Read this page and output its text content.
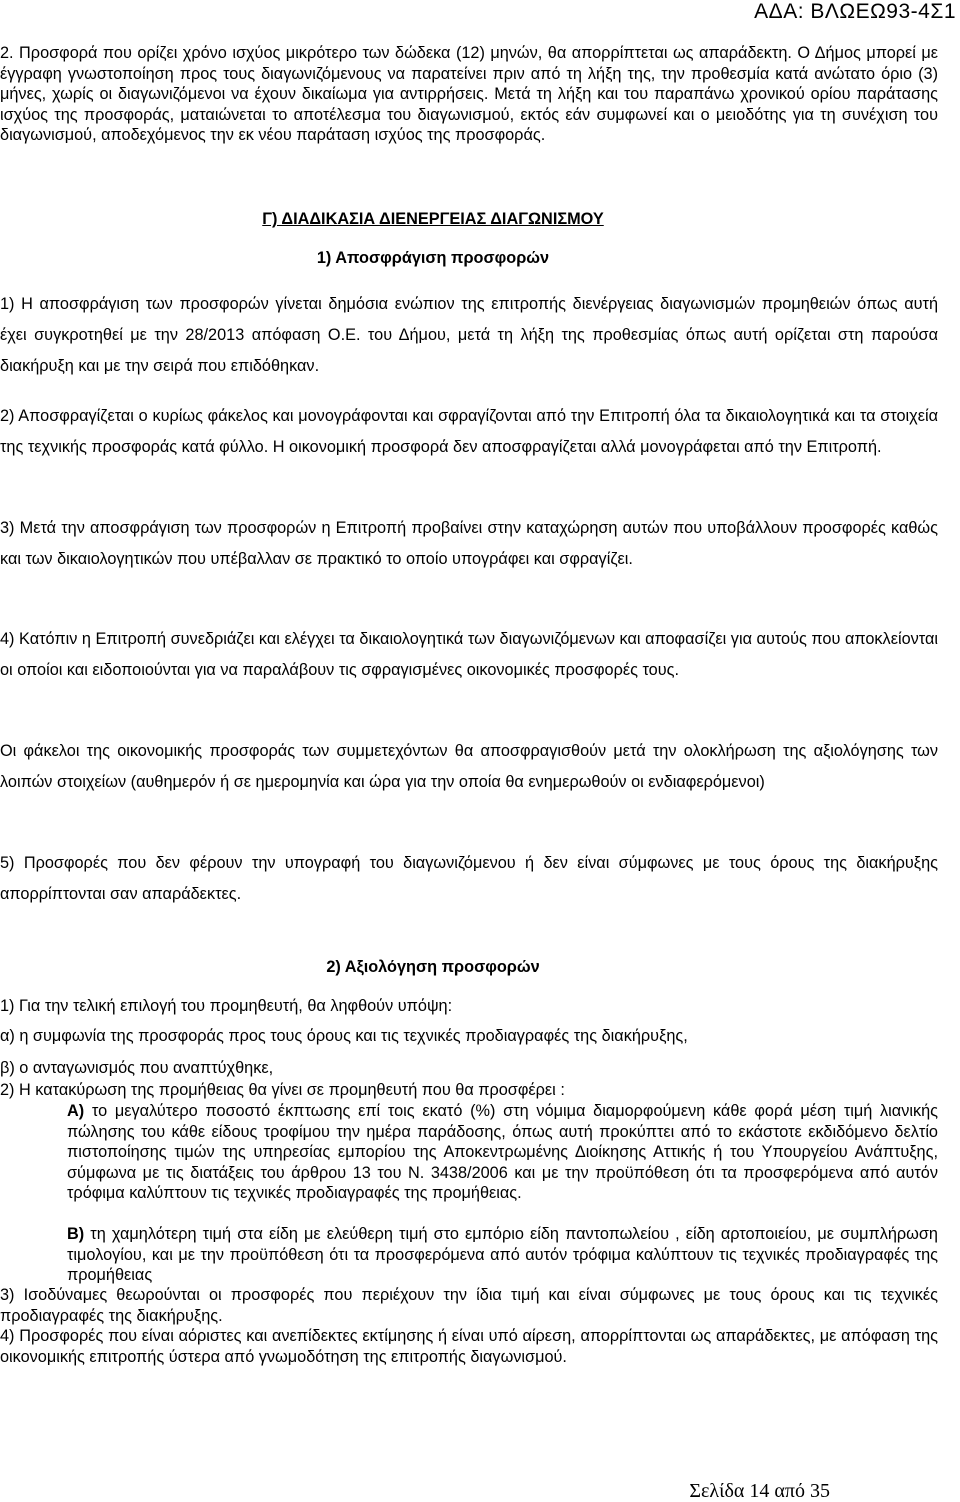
ΑΔΑ: ΒΛΩΕΩ93-4Σ1

2. Προσφορά που ορίζει χρόνο ισχύος μικρότερο των δώδεκα (12) μηνών, θα απορρίπτεται ως απαράδεκτη. Ο Δήμος μπορεί με έγγραφη γνωστοποίηση προς τους διαγωνιζόμενους να παρατείνει πριν από τη λήξη της, την προθεσμία κατά ανώτατο όριο (3) μήνες, χωρίς οι διαγωνιζόμενοι να έχουν δικαίωμα για αντιρρήσεις. Μετά τη λήξη και του παραπάνω χρονικού ορίου παράτασης ισχύος της προσφοράς, ματαιώνεται το αποτέλεσμα του διαγωνισμού, εκτός εάν συμφωνεί και ο μειοδότης για τη συνέχιση του διαγωνισμού, αποδεχόμενος την εκ νέου παράταση ισχύος της προσφοράς.

Γ) ΔΙΑΔΙΚΑΣΙΑ ΔΙΕΝΕΡΓΕΙΑΣ ΔΙΑΓΩΝΙΣΜΟΥ

1) Αποσφράγιση προσφορών

1) Η αποσφράγιση των προσφορών γίνεται δημόσια ενώπιον της επιτροπής διενέργειας διαγωνισμών προμηθειών όπως αυτή έχει συγκροτηθεί με την 28/2013 απόφαση Ο.Ε. του Δήμου, μετά τη λήξη της προθεσμίας όπως αυτή ορίζεται στη παρούσα διακήρυξη και με την σειρά που επιδόθηκαν.

2) Αποσφραγίζεται ο κυρίως φάκελος και μονογράφονται και σφραγίζονται από την Επιτροπή όλα τα δικαιολογητικά και τα στοιχεία της τεχνικής προσφοράς κατά φύλλο. Η οικονομική προσφορά δεν αποσφραγίζεται αλλά μονογράφεται από την Επιτροπή.

3) Μετά την αποσφράγιση των προσφορών η Επιτροπή προβαίνει στην καταχώρηση αυτών που υποβάλλουν προσφορές καθώς και των δικαιολογητικών που υπέβαλλαν σε πρακτικό το οποίο υπογράφει και σφραγίζει.

4) Κατόπιν η Επιτροπή συνεδριάζει και ελέγχει τα δικαιολογητικά των διαγωνιζόμενων και αποφασίζει για αυτούς που αποκλείονται οι οποίοι και ειδοποιούνται για να παραλάβουν τις σφραγισμένες οικονομικές προσφορές τους.

Οι φάκελοι της οικονομικής προσφοράς των συμμετεχόντων θα αποσφραγισθούν μετά την ολοκλήρωση της αξιολόγησης των λοιπών στοιχείων (αυθημερόν ή σε ημερομηνία και ώρα για την οποία θα ενημερωθούν οι ενδιαφερόμενοι)

5) Προσφορές που δεν φέρουν την υπογραφή του διαγωνιζόμενου ή δεν είναι σύμφωνες με τους όρους της διακήρυξης απορρίπτονται σαν απαράδεκτες.

2) Αξιολόγηση προσφορών

1) Για την τελική επιλογή του προμηθευτή, θα ληφθούν υπόψη:

α) η συμφωνία της προσφοράς προς τους όρους και τις τεχνικές προδιαγραφές της διακήρυξης,

β) ο ανταγωνισμός που αναπτύχθηκε,

2) Η κατακύρωση της προμήθειας θα γίνει σε προμηθευτή που θα προσφέρει :

Α) το μεγαλύτερο ποσοστό έκπτωσης επί τοις εκατό (%) στη νόμιμα διαμορφούμενη κάθε φορά μέση τιμή λιανικής πώλησης του κάθε είδους τροφίμου την ημέρα παράδοσης, όπως αυτή προκύπτει από το εκάστοτε εκδιδόμενο δελτίο πιστοποίησης τιμών της υπηρεσίας εμπορίου της Αποκεντρωμένης Διοίκησης Αττικής ή του Υπουργείου Ανάπτυξης, σύμφωνα με τις διατάξεις του άρθρου 13 του Ν. 3438/2006 και με την προϋπόθεση ότι τα προσφερόμενα από αυτόν τρόφιμα καλύπτουν τις τεχνικές προδιαγραφές της προμήθειας.

Β) τη χαμηλότερη τιμή στα είδη με ελεύθερη τιμή στο εμπόριο είδη παντοπωλείου , είδη αρτοποιείου, με συμπλήρωση τιμολογίου, και με την προϋπόθεση ότι τα προσφερόμενα από αυτόν τρόφιμα καλύπτουν τις τεχνικές προδιαγραφές της προμήθειας

3) Ισοδύναμες θεωρούνται οι προσφορές που περιέχουν την ίδια τιμή και είναι σύμφωνες με τους όρους και τις τεχνικές προδιαγραφές της διακήρυξης.

4) Προσφορές που είναι αόριστες και ανεπίδεκτες εκτίμησης ή είναι υπό αίρεση, απορρίπτονται ως απαράδεκτες, με απόφαση της οικονομικής επιτροπής ύστερα από γνωμοδότηση της επιτροπής διαγωνισμού.

Σελίδα 14 από 35
